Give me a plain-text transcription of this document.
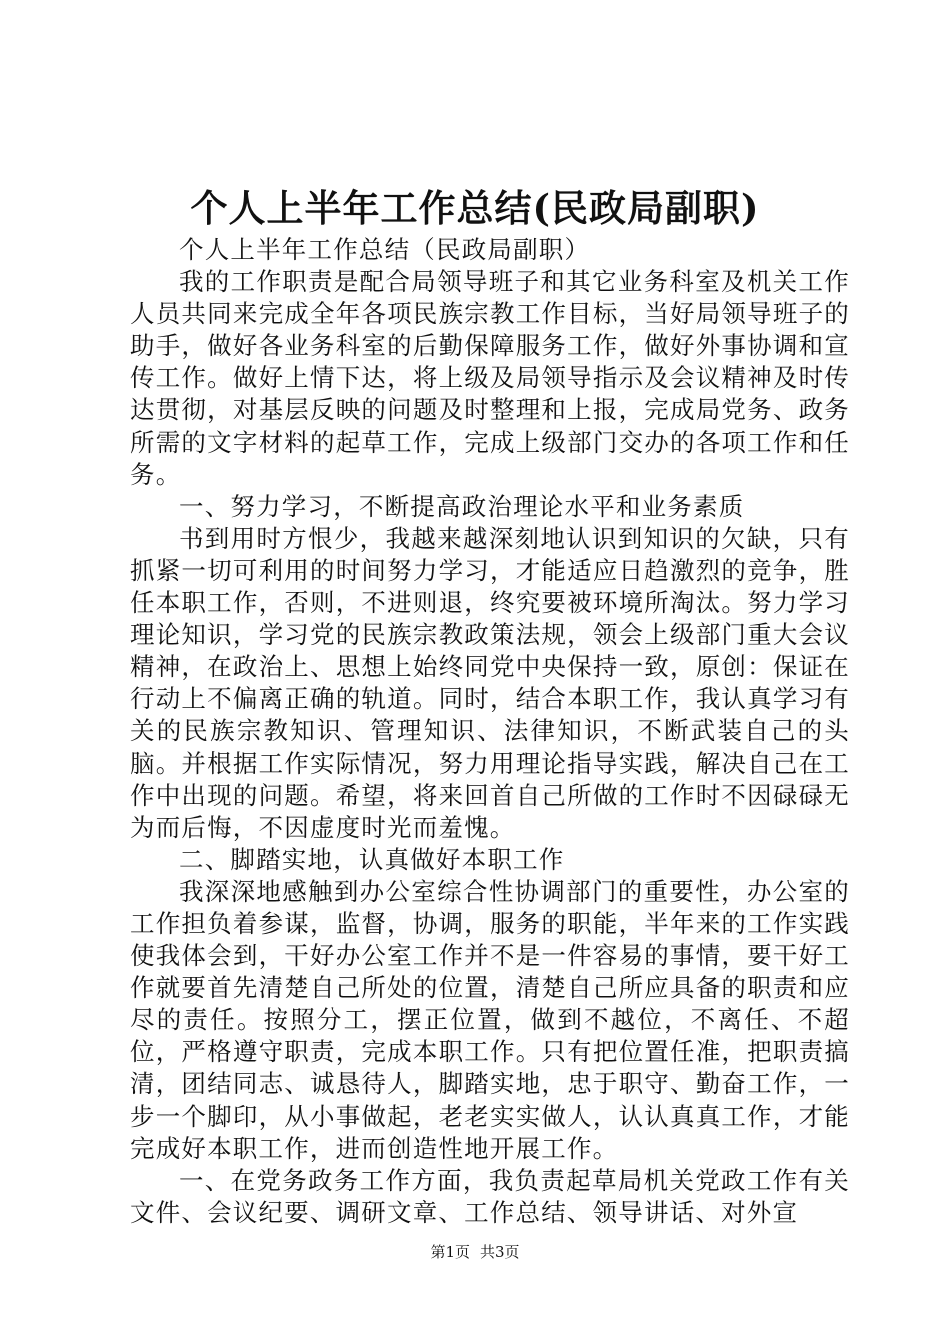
个人上半年工作总结(民政局副职)

个人上半年工作总结（民政局副职）

我的工作职责是配合局领导班子和其它业务科室及机关工作人员共同来完成全年各项民族宗教工作目标，当好局领导班子的助手，做好各业务科室的后勤保障服务工作，做好外事协调和宣传工作。做好上情下达，将上级及局领导指示及会议精神及时传达贯彻，对基层反映的问题及时整理和上报，完成局党务、政务所需的文字材料的起草工作，完成上级部门交办的各项工作和任务。

一、努力学习，不断提高政治理论水平和业务素质

书到用时方恨少，我越来越深刻地认识到知识的欠缺，只有抓紧一切可利用的时间努力学习，才能适应日趋激烈的竞争，胜任本职工作，否则，不进则退，终究要被环境所淘汰。努力学习理论知识，学习党的民族宗教政策法规，领会上级部门重大会议精神，在政治上、思想上始终同党中央保持一致，原创：保证在行动上不偏离正确的轨道。同时，结合本职工作，我认真学习有关的民族宗教知识、管理知识、法律知识，不断武装自己的头脑。并根据工作实际情况，努力用理论指导实践，解决自己在工作中出现的问题。希望，将来回首自己所做的工作时不因碌碌无为而后悔，不因虚度时光而羞愧。

二、脚踏实地，认真做好本职工作

我深深地感触到办公室综合性协调部门的重要性，办公室的工作担负着参谋，监督，协调，服务的职能，半年来的工作实践使我体会到，干好办公室工作并不是一件容易的事情，要干好工作就要首先清楚自己所处的位置，清楚自己所应具备的职责和应尽的责任。按照分工，摆正位置，做到不越位，不离任、不超位，严格遵守职责，完成本职工作。只有把位置任准，把职责搞清，团结同志、诚恳待人，脚踏实地，忠于职守、勤奋工作，一步一个脚印，从小事做起，老老实实做人，认认真真工作，才能完成好本职工作，进而创造性地开展工作。

一、在党务政务工作方面，我负责起草局机关党政工作有关文件、会议纪要、调研文章、工作总结、领导讲话、对外宣

第1页 共3页
